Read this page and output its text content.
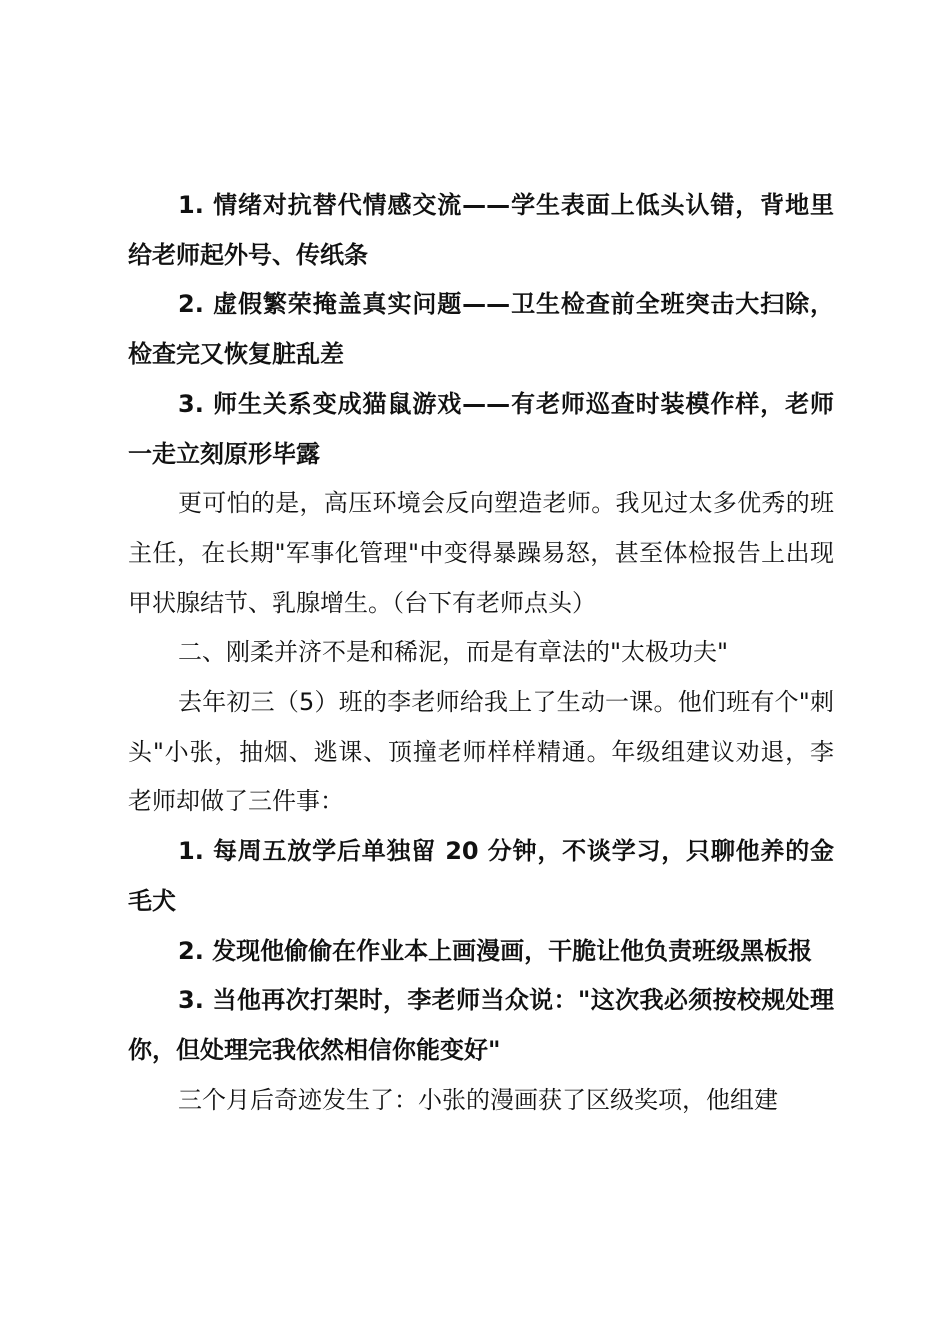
1. 情绪对抗替代情感交流——学生表面上低头认错，背地里给老师起外号、传纸条

2. 虚假繁荣掩盖真实问题——卫生检查前全班突击大扫除，检查完又恢复脏乱差

3. 师生关系变成猫鼠游戏——有老师巡查时装模作样，老师一走立刻原形毕露

更可怕的是，高压环境会反向塑造老师。我见过太多优秀的班主任，在长期"军事化管理"中变得暴躁易怒，甚至体检报告上出现甲状腺结节、乳腺增生。（台下有老师点头）

二、刚柔并济不是和稀泥，而是有章法的"太极功夫"

去年初三（5）班的李老师给我上了生动一课。他们班有个"刺头"小张，抽烟、逃课、顶撞老师样样精通。年级组建议劝退，李老师却做了三件事：

1. 每周五放学后单独留 20 分钟，不谈学习，只聊他养的金毛犬

2. 发现他偷偷在作业本上画漫画，干脆让他负责班级黑板报

3. 当他再次打架时，李老师当众说："这次我必须按校规处理你，但处理完我依然相信你能变好"

三个月后奇迹发生了：小张的漫画获了区级奖项，他组建
